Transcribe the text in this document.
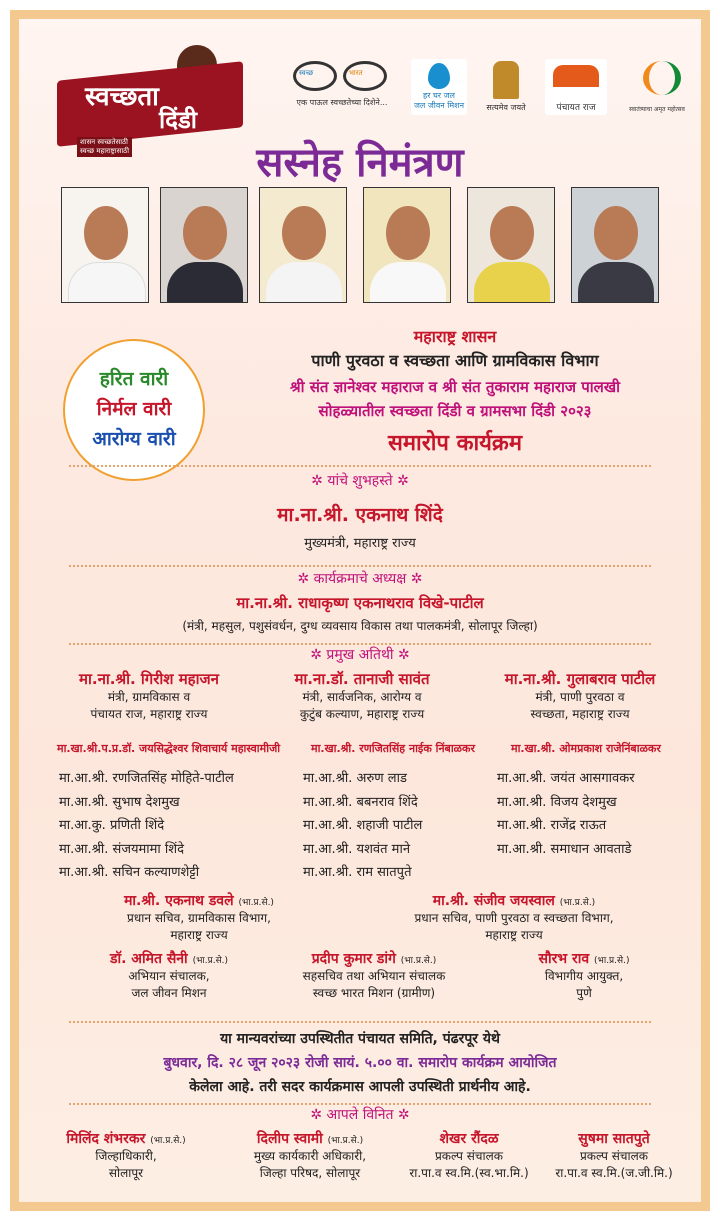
स्वच्छता
दिंडी
शासन स्वच्छतेसाठी
स्वच्छ महाराष्ट्रासाठी
स्वच्छ	भारत
एक पाऊल स्वच्छतेच्या दिशेने...
हर घर जल
जल जीवन मिशन	सत्यमेव जयते	पंचायत राज	स्वातंत्र्याचा अमृत महोत्सव
सस्नेह निमंत्रण
हरित वारी
निर्मल वारी
आरोग्य वारी
महाराष्ट्र शासन
पाणी पुरवठा व स्वच्छता आणि ग्रामविकास विभाग
श्री संत ज्ञानेश्वर महाराज व श्री संत तुकाराम महाराज पालखी
सोहळ्यातील स्वच्छता दिंडी व ग्रामसभा दिंडी २०२३
समारोप कार्यक्रम
✲ यांचे शुभहस्ते ✲
मा.ना.श्री. एकनाथ शिंदे
मुख्यमंत्री, महाराष्ट्र राज्य
✲ कार्यक्रमाचे अध्यक्ष ✲
मा.ना.श्री. राधाकृष्ण एकनाथराव विखे-पाटील
(मंत्री, महसुल, पशुसंवर्धन, दुग्ध व्यवसाय विकास तथा पालकमंत्री, सोलापूर जिल्हा)
✲ प्रमुख अतिथी ✲
मा.ना.श्री. गिरीश महाजन
मंत्री, ग्रामविकास व
पंचायत राज, महाराष्ट्र राज्य
मा.ना.डॉ. तानाजी सावंत
मंत्री, सार्वजनिक, आरोग्य व
कुटुंब कल्याण, महाराष्ट्र राज्य
मा.ना.श्री. गुलाबराव पाटील
मंत्री, पाणी पुरवठा व
स्वच्छता, महाराष्ट्र राज्य
मा.खा.श्री.प.प्र.डॉ. जयसिद्धेश्वर शिवाचार्य महास्वामीजी	मा.खा.श्री. रणजितसिंह नाईक निंबाळकर	मा.खा.श्री. ओमप्रकाश राजेनिंबाळकर
मा.आ.श्री. रणजितसिंह मोहिते-पाटील
मा.आ.श्री. सुभाष देशमुख
मा.आ.कु. प्रणिती शिंदे
मा.आ.श्री. संजयमामा शिंदे
मा.आ.श्री. सचिन कल्याणशेट्टी
मा.आ.श्री. अरुण लाड
मा.आ.श्री. बबनराव शिंदे
मा.आ.श्री. शहाजी पाटील
मा.आ.श्री. यशवंत माने
मा.आ.श्री. राम सातपुते
मा.आ.श्री. जयंत आसगावकर
मा.आ.श्री. विजय देशमुख
मा.आ.श्री. राजेंद्र राऊत
मा.आ.श्री. समाधान आवताडे
मा.श्री. एकनाथ डवले (भा.प्र.से.)
प्रधान सचिव, ग्रामविकास विभाग,
महाराष्ट्र राज्य
मा.श्री. संजीव जयस्वाल (भा.प्र.से.)
प्रधान सचिव, पाणी पुरवठा व स्वच्छता विभाग,
महाराष्ट्र राज्य
डॉ. अमित सैनी (भा.प्र.से.)
अभियान संचालक,
जल जीवन मिशन
प्रदीप कुमार डांगे (भा.प्र.से.)
सहसचिव तथा अभियान संचालक
स्वच्छ भारत मिशन (ग्रामीण)
सौरभ राव (भा.प्र.से.)
विभागीय आयुक्त,
पुणे
या मान्यवरांच्या उपस्थितीत पंचायत समिति, पंढरपूर येथे
बुधवार, दि. २८ जून २०२३ रोजी सायं. ५.०० वा. समारोप कार्यक्रम आयोजित
केलेला आहे. तरी सदर कार्यक्रमास आपली उपस्थिती प्रार्थनीय आहे.
✲ आपले विनित ✲
मिलिंद शंभरकर (भा.प्र.से.)
जिल्हाधिकारी,
सोलापूर
दिलीप स्वामी (भा.प्र.से.)
मुख्य कार्यकारी अधिकारी,
जिल्हा परिषद, सोलापूर
शेखर रौंदळ
प्रकल्प संचालक
रा.पा.व स्व.मि.(स्व.भा.मि.)
सुषमा सातपुते
प्रकल्प संचालक
रा.पा.व स्व.मि.(ज.जी.मि.)
